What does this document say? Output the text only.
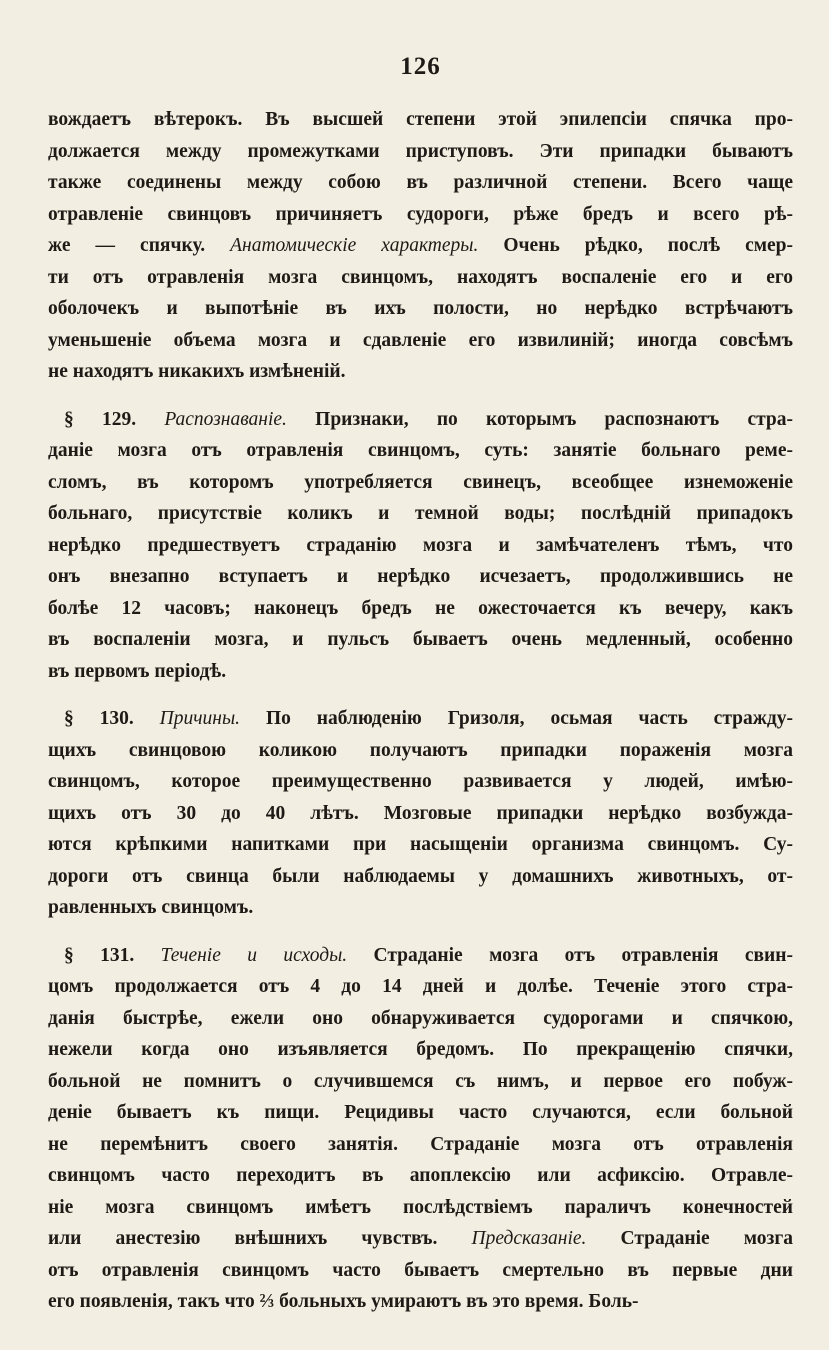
126
вождаетъ вѣтерокъ. Въ высшей степени этой эпилепсіи спячка про-
должается между промежутками приступовъ. Эти припадки бываютъ
также соединены между собою въ различной степени. Всего чаще
отравленіе свинцовъ причиняетъ судороги, рѣже бредъ и всего рѣ-
же — спячку. Анатомическіе характеры. Очень рѣдко, послѣ смер-
ти отъ отравленія мозга свинцомъ, находятъ воспаленіе его и его
оболочекъ и выпотѣніе въ ихъ полости, но нерѣдко встрѣчаютъ
уменьшеніе объема мозга и сдавленіе его извилиній; иногда совсѣмъ
не находятъ никакихъ измѣненій.
§ 129. Распознаваніе. Признаки, по которымъ распознаютъ стра-
даніе мозга отъ отравленія свинцомъ, суть: занятіе больнаго реме-
сломъ, въ которомъ употребляется свинецъ, всеобщее изнеможеніе
больнаго, присутствіе коликъ и темной воды; послѣдній припадокъ
нерѣдко предшествуетъ страданію мозга и замѣчателенъ тѣмъ, что
онъ внезапно вступаетъ и нерѣдко исчезаетъ, продолжившись не
болѣе 12 часовъ; наконецъ бредъ не ожесточается къ вечеру, какъ
въ воспаленіи мозга, и пульсъ бываетъ очень медленный, особенно
въ первомъ періодѣ.
§ 130. Причины. По наблюденію Гризоля, осьмая часть стражду-
щихъ свинцовою коликою получаютъ припадки пораженія мозга
свинцомъ, которое преимущественно развивается у людей, имѣю-
щихъ отъ 30 до 40 лѣтъ. Мозговые припадки нерѣдко возбужда-
ются крѣпкими напитками при насыщеніи организма свинцомъ. Су-
дороги отъ свинца были наблюдаемы у домашнихъ животныхъ, от-
равленныхъ свинцомъ.
§ 131. Теченіе и исходы. Страданіе мозга отъ отравленія свин-
цомъ продолжается отъ 4 до 14 дней и долѣе. Теченіе этого стра-
данія быстрѣе, ежели оно обнаруживается судорогами и спячкою,
нежели когда оно изъявляется бредомъ. По прекращенію спячки,
больной не помнитъ о случившемся съ нимъ, и первое его побуж-
деніе бываетъ къ пищи. Рецидивы часто случаются, если больной
не перемѣнитъ своего занятія. Страданіе мозга отъ отравленія
свинцомъ часто переходитъ въ апоплексію или асфиксію. Отравле-
ніе мозга свинцомъ имѣетъ послѣдствіемъ параличъ конечностей
или анестезію внѣшнихъ чувствъ. Предсказаніе. Страданіе мозга
отъ отравленія свинцомъ часто бываетъ смертельно въ первые дни
его появленія, такъ что ⅔ больныхъ умираютъ въ это время. Боль-
